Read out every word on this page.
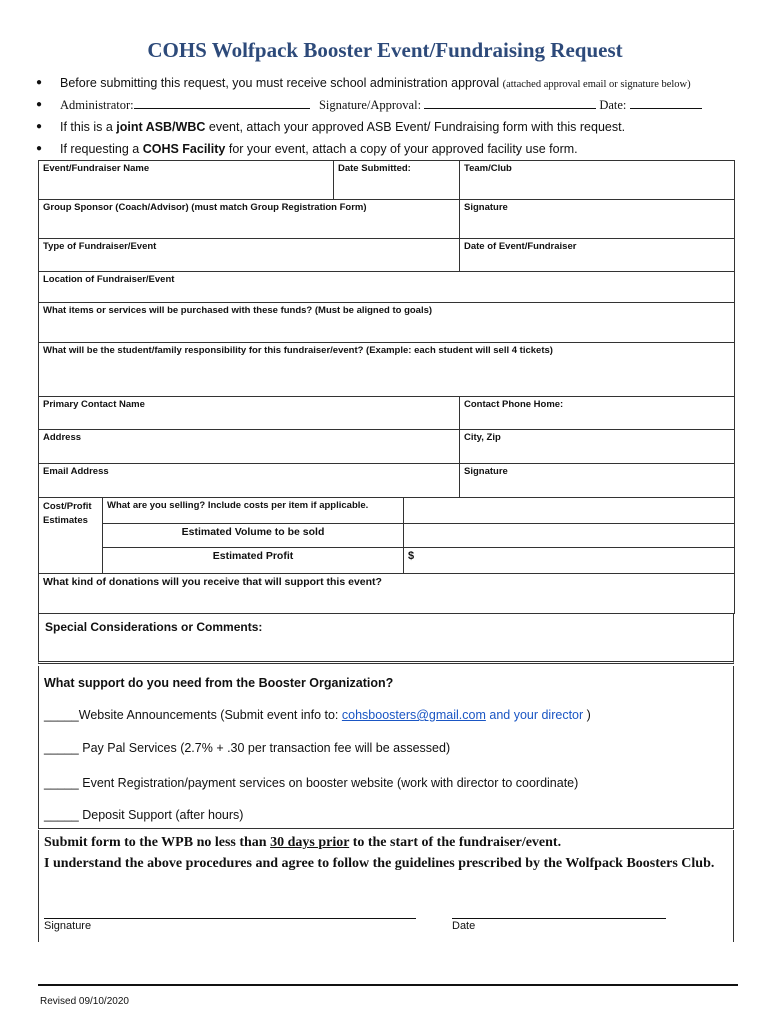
COHS Wolfpack Booster Event/Fundraising Request
● Before submitting this request, you must receive school administration approval (attached approval email or signature below)
● Administrator:	Signature/Approval:	Date:
● If this is a joint ASB/WBC event, attach your approved ASB Event/ Fundraising form with this request.
● If requesting a COHS Facility for your event, attach a copy of your approved facility use form.
Event/Fundraiser Name	Date Submitted:	Team/Club
Group Sponsor (Coach/Advisor) (must match Group Registration Form)	Signature
Type of Fundraiser/Event	Date of Event/Fundraiser
Location of Fundraiser/Event
What items or services will be purchased with these funds? (Must be aligned to goals)
What will be the student/family responsibility for this fundraiser/event? (Example: each student will sell 4 tickets)
Primary Contact Name	Contact Phone Home:
Address	City, Zip
Email Address	Signature
Cost/Profit
Estimates
What are you selling? Include costs per item if applicable.
Estimated Volume to be sold
Estimated Profit	$
What kind of donations will you receive that will support this event?
Special Considerations or Comments:
What support do you need from the Booster Organization?
_____Website Announcements (Submit event info to: cohsboosters@gmail.com and your director )
_____ Pay Pal Services (2.7% + .30 per transaction fee will be assessed)
_____ Event Registration/payment services on booster website (work with director to coordinate)
_____ Deposit Support (after hours)
Submit form to the WPB no less than 30 days prior to the start of the fundraiser/event.
I understand the above procedures and agree to follow the guidelines prescribed by the Wolfpack Boosters Club.
Signature	Date
Revised 09/10/2020
